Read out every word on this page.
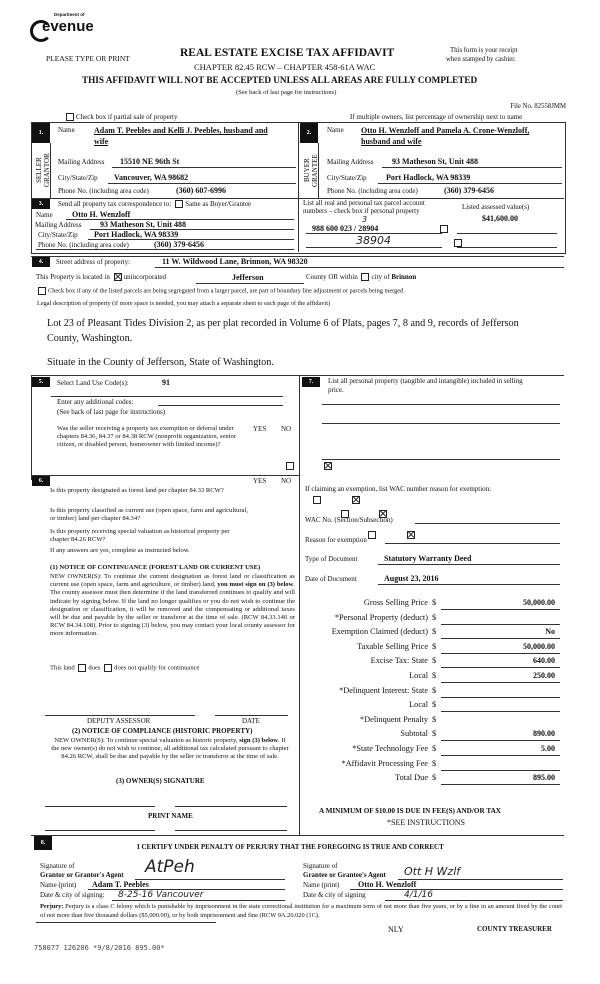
Department of
evenue
PLEASE TYPE OR PRINT	REAL ESTATE EXCISE TAX AFFIDAVIT
CHAPTER 82.45 RCW – CHAPTER 458-61A WAC
THIS AFFIDAVIT WILL NOT BE ACCEPTED UNLESS ALL AREAS ARE FULLY COMPLETED
(See back of last page for instructions)
This form is your receipt
when stamped by cashier.
File No. 82558JMM
Check box if partial sale of property	If multiple owners, list percentage of ownership next to name
1.
SELLER GRANTOR
Name Adam T. Peebles and Kelli J. Peebles, husband and
wife
Mailing Address 15510 NE 96th St
City/State/Zip Vancouver, WA 98682
Phone No. (including area code)	(360) 607-6996
2.
BUYER GRANTEE
Name Otto H. Wenzloff and Pamela A. Crone-Wenzloff,
husband and wife
Mailing Address 93 Matheson St, Unit 488
City/State/Zip Port Hadlock, WA 98339
Phone No. (including area code)	(360) 379-6456
3.	Send all property tax correspondence to: Same as Buyer/Grantee
Name Otto H. Wenzloff
Mailing Address 93 Matheson St, Unit 488
City/State/Zip Port Hadlock, WA 98339
Phone No. (including area code)	(360) 379-6456
List all real and personal tax parcel account
numbers – check box if personal property	Listed assessed value(s)
$41,600.00
3
988 600 023 / 28904
38904

4.	Street address of property:	11 W. Wildwood Lane, Brinnon, WA 98320
This Property is located in unincorporated	Jefferson	County OR within city of Brinnon
Check box if any of the listed parcels are being segregated from a larger parcel, are part of boundary line adjustment or parcels being merged.
Legal description of property (if more space is needed, you may attach a separate sheet to each page of the affidavit)
Lot 23 of Pleasant Tides Division 2, as per plat recorded in Volume 6 of Plats, pages 7, 8 and 9, records of Jefferson
County, Washington.
Situate in the County of Jefferson, State of Washington.
5.	Select Land Use Code(s):	91
Enter any additional codes:
(See back of last page for instructions)
Was the seller receiving a property tax exemption or deferral under chapters 84.36, 84.37 or 84.38 RCW (nonprofit organization, senior citizen, or disabled person, homeowner with limited income)?
YES NO

6.	YES NO
Is this property designated as forest land per chapter 84.33 RCW?

Is this property classified as current use (open space, farm and agricultural, or timber) land per chapter 84.34?

Is this property receiving special valuation as historical property per chapter 84.26 RCW?

If any answers are yes, complete as instructed below.
(1) NOTICE OF CONTINUANCE (FOREST LAND OR CURRENT USE)
NEW OWNER(S): To continue the current designation as forest land or classification as current use (open space, farm and agriculture, or timber) land, you must sign on (3) below. The county assessor must then determine if the land transferred continues to qualify and will indicate by signing below. If the land no longer qualifies or you do not wish to continue the designation or classification, it will be removed and the compensating or additional taxes will be due and payable by the seller or transferor at the time of sale. (RCW 84.33.140 or RCW 84.34.108). Prior to signing (3) below, you may contact your local county assessor for more information.
This land does does not qualify for continuance
DEPUTY ASSESSOR	DATE
(2) NOTICE OF COMPLIANCE (HISTORIC PROPERTY)
NEW OWNER(S): To continue special valuation as historic property, sign (3) below. If the new owner(s) do not wish to continue, all additional tax calculated pursuant to chapter 84.26 RCW, shall be due and payable by the seller or transferor at the time of sale.
(3) OWNER(S) SIGNATURE
PRINT NAME
7.	List all personal property (tangible and intangible) included in selling
price.
If claiming an exemption, list WAC number reason for exemption:
WAC No. (Section/Subsection)
Reason for exemption
Type of Document	Statutory Warranty Deed
Date of Document	August 23, 2016
Gross Selling Price $	50,000.00
*Personal Property (deduct) $
Exemption Claimed (deduct) $	No
Taxable Selling Price $	50,000.00
Excise Tax: State $	640.00
Local $	250.00
*Delinquent Interest: State $
Local $
*Delinquent Penalty $
Subtotal $	890.00
*State Technology Fee $	5.00
*Affidavit Processing Fee $
Total Due $	895.00
A MINIMUM OF $10.00 IS DUE IN FEE(S) AND/OR TAX
*SEE INSTRUCTIONS
8.	I CERTIFY UNDER PENALTY OF PERJURY THAT THE FOREGOING IS TRUE AND CORRECT
Signature of
Grantor or Grantor's Agent AtPeh
Name (print) Adam T. Peebles
Date & city of signing: 8-25-16 Vancouver
Signature of
Grantee or Grantee's Agent Ott H Wzlf
Name (print) Otto H. Wenzloff
Date & city of signing	4/1/16
Perjury: Perjury is a class C felony which is punishable by imprisonment in the state correctional institution for a maximum term of not more than five years, or by a fine in an amount fixed by the court of not more than five thousand dollars ($5,000.00), or by both imprisonment and fine (RCW 9A.20.020 (1C).
NLY	COUNTY TREASURER
758077 126206 *9/8/2016 895.00*
